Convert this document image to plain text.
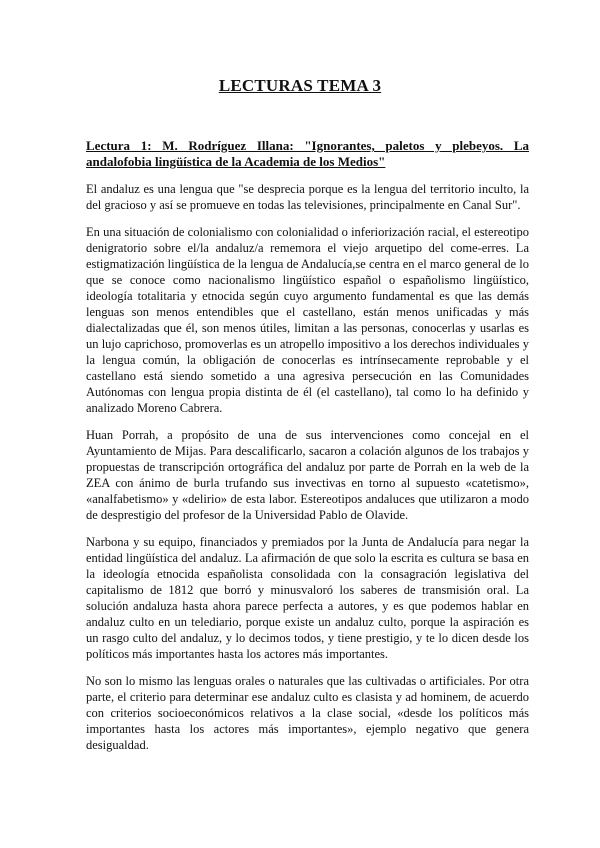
LECTURAS TEMA 3

Lectura 1: M. Rodríguez Illana: "Ignorantes, paletos y plebeyos. La andalofobia lingüística de la Academia de los Medios"

El andaluz es una lengua que "se desprecia porque es la lengua del territorio inculto, la del gracioso y así se promueve en todas las televisiones, principalmente en Canal Sur".

En una situación de colonialismo con colonialidad o inferiorización racial, el estereotipo denigratorio sobre el/la andaluz/a rememora el viejo arquetipo del come-erres. La estigmatización lingüística de la lengua de Andalucía,se centra en el marco general de lo que se conoce como nacionalismo lingüístico español o españolismo lingüístico, ideología totalitaria y etnocida según cuyo argumento fundamental es que las demás lenguas son menos entendibles que el castellano, están menos unificadas y más dialectalizadas que él, son menos útiles, limitan a las personas, conocerlas y usarlas es un lujo caprichoso, promoverlas es un atropello impositivo a los derechos individuales y la lengua común, la obligación de conocerlas es intrínsecamente reprobable y el castellano está siendo sometido a una agresiva persecución en las Comunidades Autónomas con lengua propia distinta de él (el castellano), tal como lo ha definido y analizado Moreno Cabrera.

Huan Porrah, a propósito de una de sus intervenciones como concejal en el Ayuntamiento de Mijas. Para descalificarlo, sacaron a colación algunos de los trabajos y propuestas de transcripción ortográfica del andaluz por parte de Porrah en la web de la ZEA con ánimo de burla trufando sus invectivas en torno al supuesto «catetismo», «analfabetismo» y «delirio» de esta labor. Estereotipos andaluces que utilizaron a modo de desprestigio del profesor de la Universidad Pablo de Olavide.

Narbona y su equipo, financiados y premiados por la Junta de Andalucía para negar la entidad lingüística del andaluz. La afirmación de que solo la escrita es cultura se basa en la ideología etnocida españolista consolidada con la consagración legislativa del capitalismo de 1812 que borró y minusvaloró los saberes de transmisión oral. La solución andaluza hasta ahora parece perfecta a autores, y es que podemos hablar en andaluz culto en un telediario, porque existe un andaluz culto, porque la aspiración es un rasgo culto del andaluz, y lo decimos todos, y tiene prestigio, y te lo dicen desde los políticos más importantes hasta los actores más importantes.

No son lo mismo las lenguas orales o naturales que las cultivadas o artificiales. Por otra parte, el criterio para determinar ese andaluz culto es clasista y ad hominem, de acuerdo con criterios socioeconómicos relativos a la clase social, «desde los políticos más importantes hasta los actores más importantes», ejemplo negativo que genera desigualdad.
